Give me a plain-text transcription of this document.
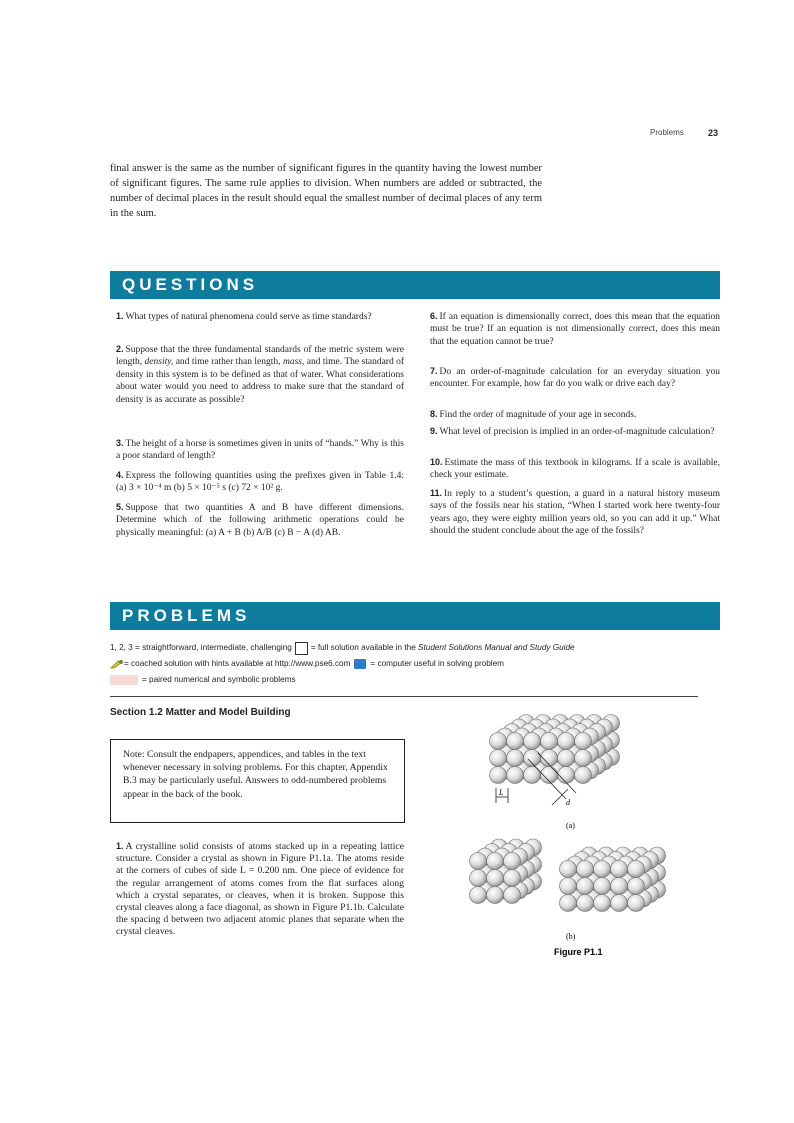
Problems	23
final answer is the same as the number of significant figures in the quantity having the lowest number of significant figures. The same rule applies to division. When numbers are added or subtracted, the number of decimal places in the result should equal the smallest number of decimal places of any term in the sum.
QUESTIONS
1. What types of natural phenomena could serve as time standards?
2. Suppose that the three fundamental standards of the metric system were length, density, and time rather than length, mass, and time. The standard of density in this system is to be defined as that of water. What considerations about water would you need to address to make sure that the standard of density is as accurate as possible?
3. The height of a horse is sometimes given in units of “hands.” Why is this a poor standard of length?
4. Express the following quantities using the prefixes given in Table 1.4: (a) 3 × 10⁻⁴ m (b) 5 × 10⁻⁵ s (c) 72 × 10² g.
5. Suppose that two quantities A and B have different dimensions. Determine which of the following arithmetic operations could be physically meaningful: (a) A + B (b) A/B (c) B − A (d) AB.
6. If an equation is dimensionally correct, does this mean that the equation must be true? If an equation is not dimensionally correct, does this mean that the equation cannot be true?
7. Do an order-of-magnitude calculation for an everyday situation you encounter. For example, how far do you walk or drive each day?
8. Find the order of magnitude of your age in seconds.
9. What level of precision is implied in an order-of-magnitude calculation?
10. Estimate the mass of this textbook in kilograms. If a scale is available, check your estimate.
11. In reply to a student’s question, a guard in a natural history museum says of the fossils near his station, “When I started work here twenty-four years ago, they were eighty million years old, so you can add it up.” What should the student conclude about the age of the fossils?
PROBLEMS
1, 2, 3 = straightforward, intermediate, challenging = full solution available in the
Student Solutions Manual and Study Guide
= coached solution with hints available at http://www.pse6.com = computer useful in solving problem
= paired numerical and symbolic problems
Section 1.2 Matter and Model Building

Note: Consult the endpapers, appendices, and tables in the text whenever necessary in solving problems. For this chapter, Appendix B.3 may be particularly useful. Answers to odd-numbered problems appear in the back of the book.

1. A crystalline solid consists of atoms stacked up in a repeating lattice structure. Consider a crystal as shown in Figure P1.1a. The atoms reside at the corners of cubes of side L = 0.200 nm. One piece of evidence for the regular arrangement of atoms comes from the flat surfaces along which a crystal separates, or cleaves, when it is broken. Suppose this crystal cleaves along a face diagonal, as shown in Figure P1.1b. Calculate the spacing d between two adjacent atomic planes that separate when the crystal cleaves.
L
d
(a)
(b)
Figure P1.1
